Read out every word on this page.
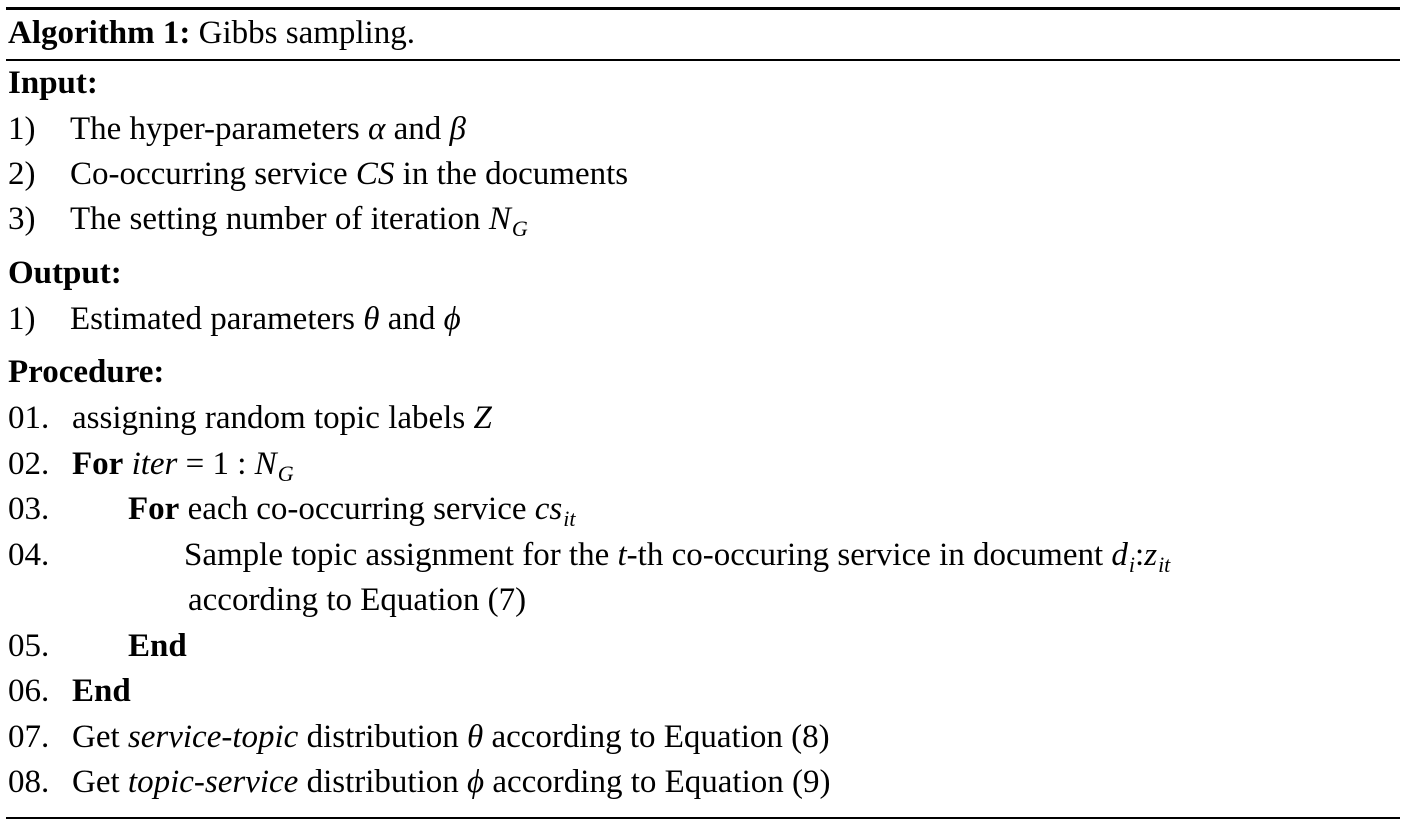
Algorithm 1: Gibbs sampling.
Input:
1) The hyper-parameters α and β
2) Co-occurring service CS in the documents
3) The setting number of iteration $N_G$
Output:
1) Estimated parameters θ and ϕ
Procedure:
01. assigning random topic labels Z
02. For iter = 1 : $N_G$
03. For each co-occurring service $cs_{it}$
04.	Sample topic assignment for the t-th co-occuring service in document $d_i:z_{it}$
according to Equation (7)
05. End
06. End
07. Get service-topic distribution θ according to Equation (8)
08. Get topic-service distribution ϕ according to Equation (9)
